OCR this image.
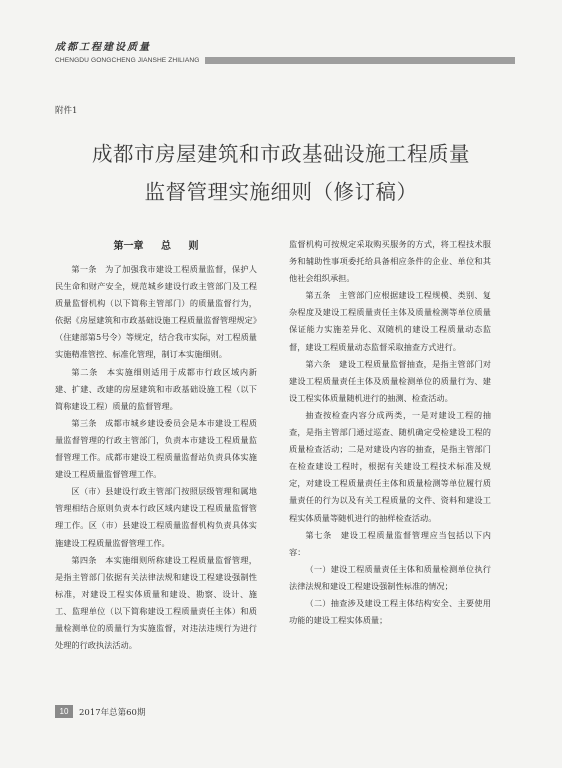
成都工程建设质量
CHENGDU GONGCHENG JIANSHE ZHILIANG
附件1
成都市房屋建筑和市政基础设施工程质量
监督管理实施细则（修订稿）
第一章 总 则

第一条　为了加强我市建设工程质量监督，保护人民生命和财产安全，规范城乡建设行政主管部门及工程质量监督机构（以下简称主管部门）的质量监督行为，依据《房屋建筑和市政基础设施工程质量监督管理规定》（住建部第5号令）等规定，结合我市实际，对工程质量实施精准管控、标准化管理，制订本实施细则。

第二条　本实施细则适用于成都市行政区域内新建、扩建、改建的房屋建筑和市政基础设施工程（以下简称建设工程）质量的监督管理。

第三条　成都市城乡建设委员会是本市建设工程质量监督管理的行政主管部门，负责本市建设工程质量监督管理工作。成都市建设工程质量监督站负责具体实施建设工程质量监督管理工作。

区（市）县建设行政主管部门按照层级管理和属地管理相结合原则负责本行政区域内建设工程质量监督管理工作。区（市）县建设工程质量监督机构负责具体实施建设工程质量监督管理工作。

第四条　本实施细则所称建设工程质量监督管理，是指主管部门依据有关法律法规和建设工程建设强制性标准，对建设工程实体质量和建设、勘察、设计、施工、监理单位（以下简称建设工程质量责任主体）和质量检测单位的质量行为实施监督，对违法违规行为进行处理的行政执法活动。

监督机构可按规定采取购买服务的方式，将工程技术服务和辅助性事项委托给具备相应条件的企业、单位和其他社会组织承担。

第五条　主管部门应根据建设工程规模、类别、复杂程度及建设工程质量责任主体及质量检测等单位质量保证能力实施差异化、双随机的建设工程质量动态监督，建设工程质量动态监督采取抽查方式进行。

第六条　建设工程质量监督抽查，是指主管部门对建设工程质量责任主体及质量检测单位的质量行为、建设工程实体质量随机进行的抽测、检查活动。

抽查按检查内容分成两类，一是对建设工程的抽查，是指主管部门通过巡查、随机确定受检建设工程的质量检查活动；二是对建设内容的抽查，是指主管部门在检查建设工程时，根据有关建设工程技术标准及规定，对建设工程质量责任主体和质量检测等单位履行质量责任的行为以及有关工程质量的文件、资料和建设工程实体质量等随机进行的抽样检查活动。

第七条　建设工程质量监督管理应当包括以下内容：

（一）建设工程质量责任主体和质量检测单位执行法律法规和建设工程建设强制性标准的情况；

（二）抽查涉及建设工程主体结构安全、主要使用功能的建设工程实体质量；

10	2017年总第60期
